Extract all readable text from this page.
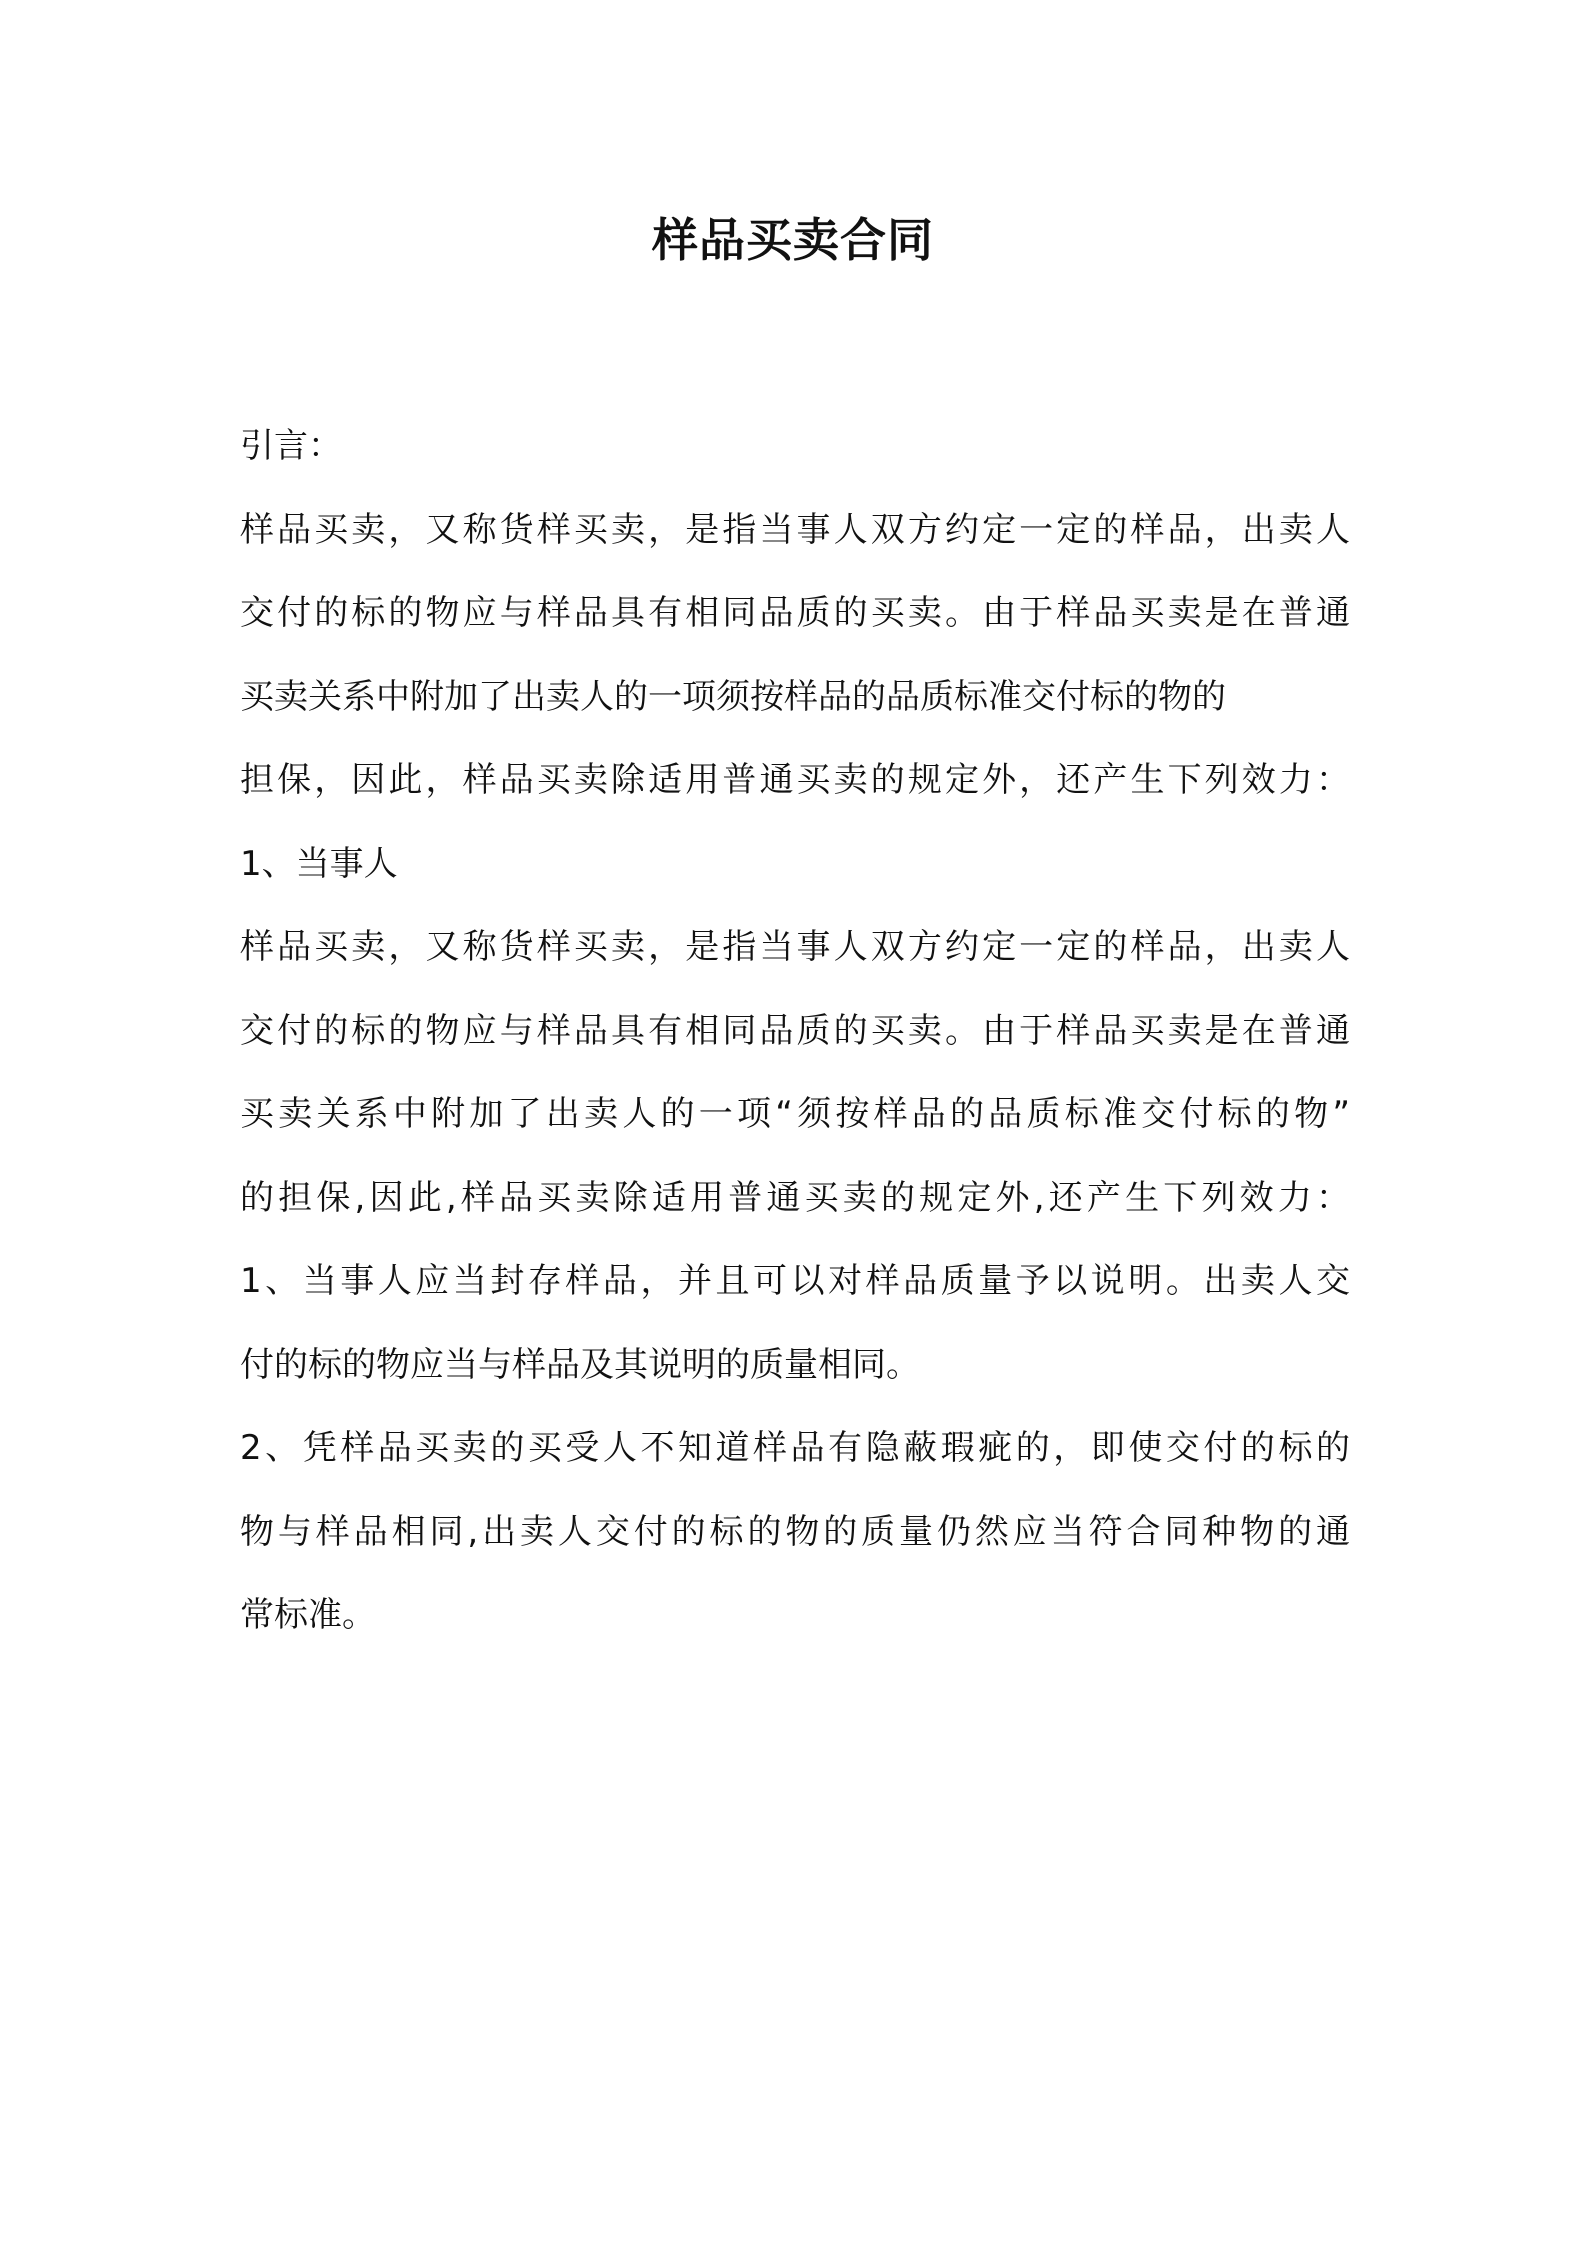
样品买卖合同
引言：
样品买卖，又称货样买卖，是指当事人双方约定一定的样品，出卖人
交付的标的物应与样品具有相同品质的买卖。由于样品买卖是在普通
买卖关系中附加了出卖人的一项须按样品的品质标准交付标的物的
担保，因此，样品买卖除适用普通买卖的规定外，还产生下列效力：
1、当事人
样品买卖，又称货样买卖，是指当事人双方约定一定的样品，出卖人
交付的标的物应与样品具有相同品质的买卖。由于样品买卖是在普通
买卖关系中附加了出卖人的一项“须按样品的品质标准交付标的物”
的担保,因此,样品买卖除适用普通买卖的规定外,还产生下列效力：
1、当事人应当封存样品，并且可以对样品质量予以说明。出卖人交
付的标的物应当与样品及其说明的质量相同。
2、凭样品买卖的买受人不知道样品有隐蔽瑕疵的，即使交付的标的
物与样品相同,出卖人交付的标的物的质量仍然应当符合同种物的通
常标准。
